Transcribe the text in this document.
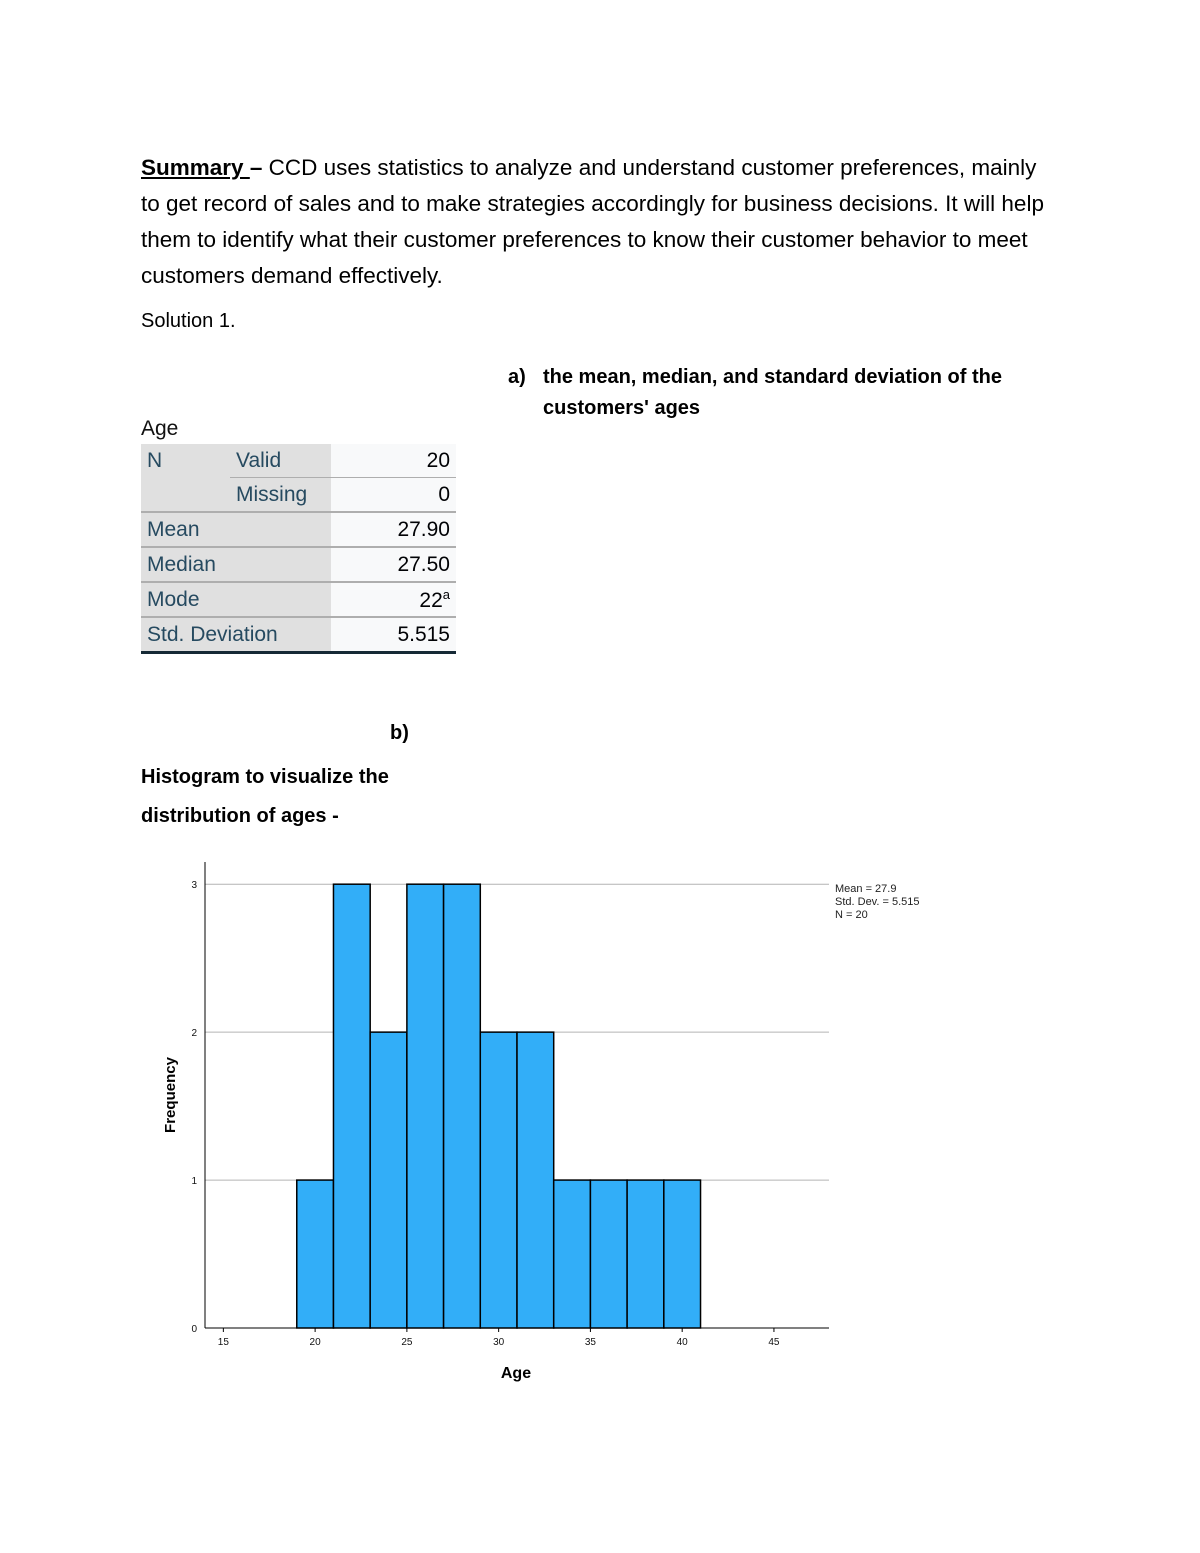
Summary – CCD uses statistics to analyze and understand customer preferences, mainly to get record of sales and to make strategies accordingly for business decisions. It will help them to identify what their customer preferences to know their customer behavior to meet customers demand effectively.

Solution 1.

a) the mean, median, and standard deviation of the customers' ages
Age
N	Valid	20
	Missing	0
Mean		27.90
Median		27.50
Mode		22$^a$
Std. Deviation		5.515
b)

Histogram to visualize the distribution of ages -

0
1
2
3
15	20	25	30	35	40	45
Frequency
Age
Mean = 27.9
Std. Dev. = 5.515
N = 20
